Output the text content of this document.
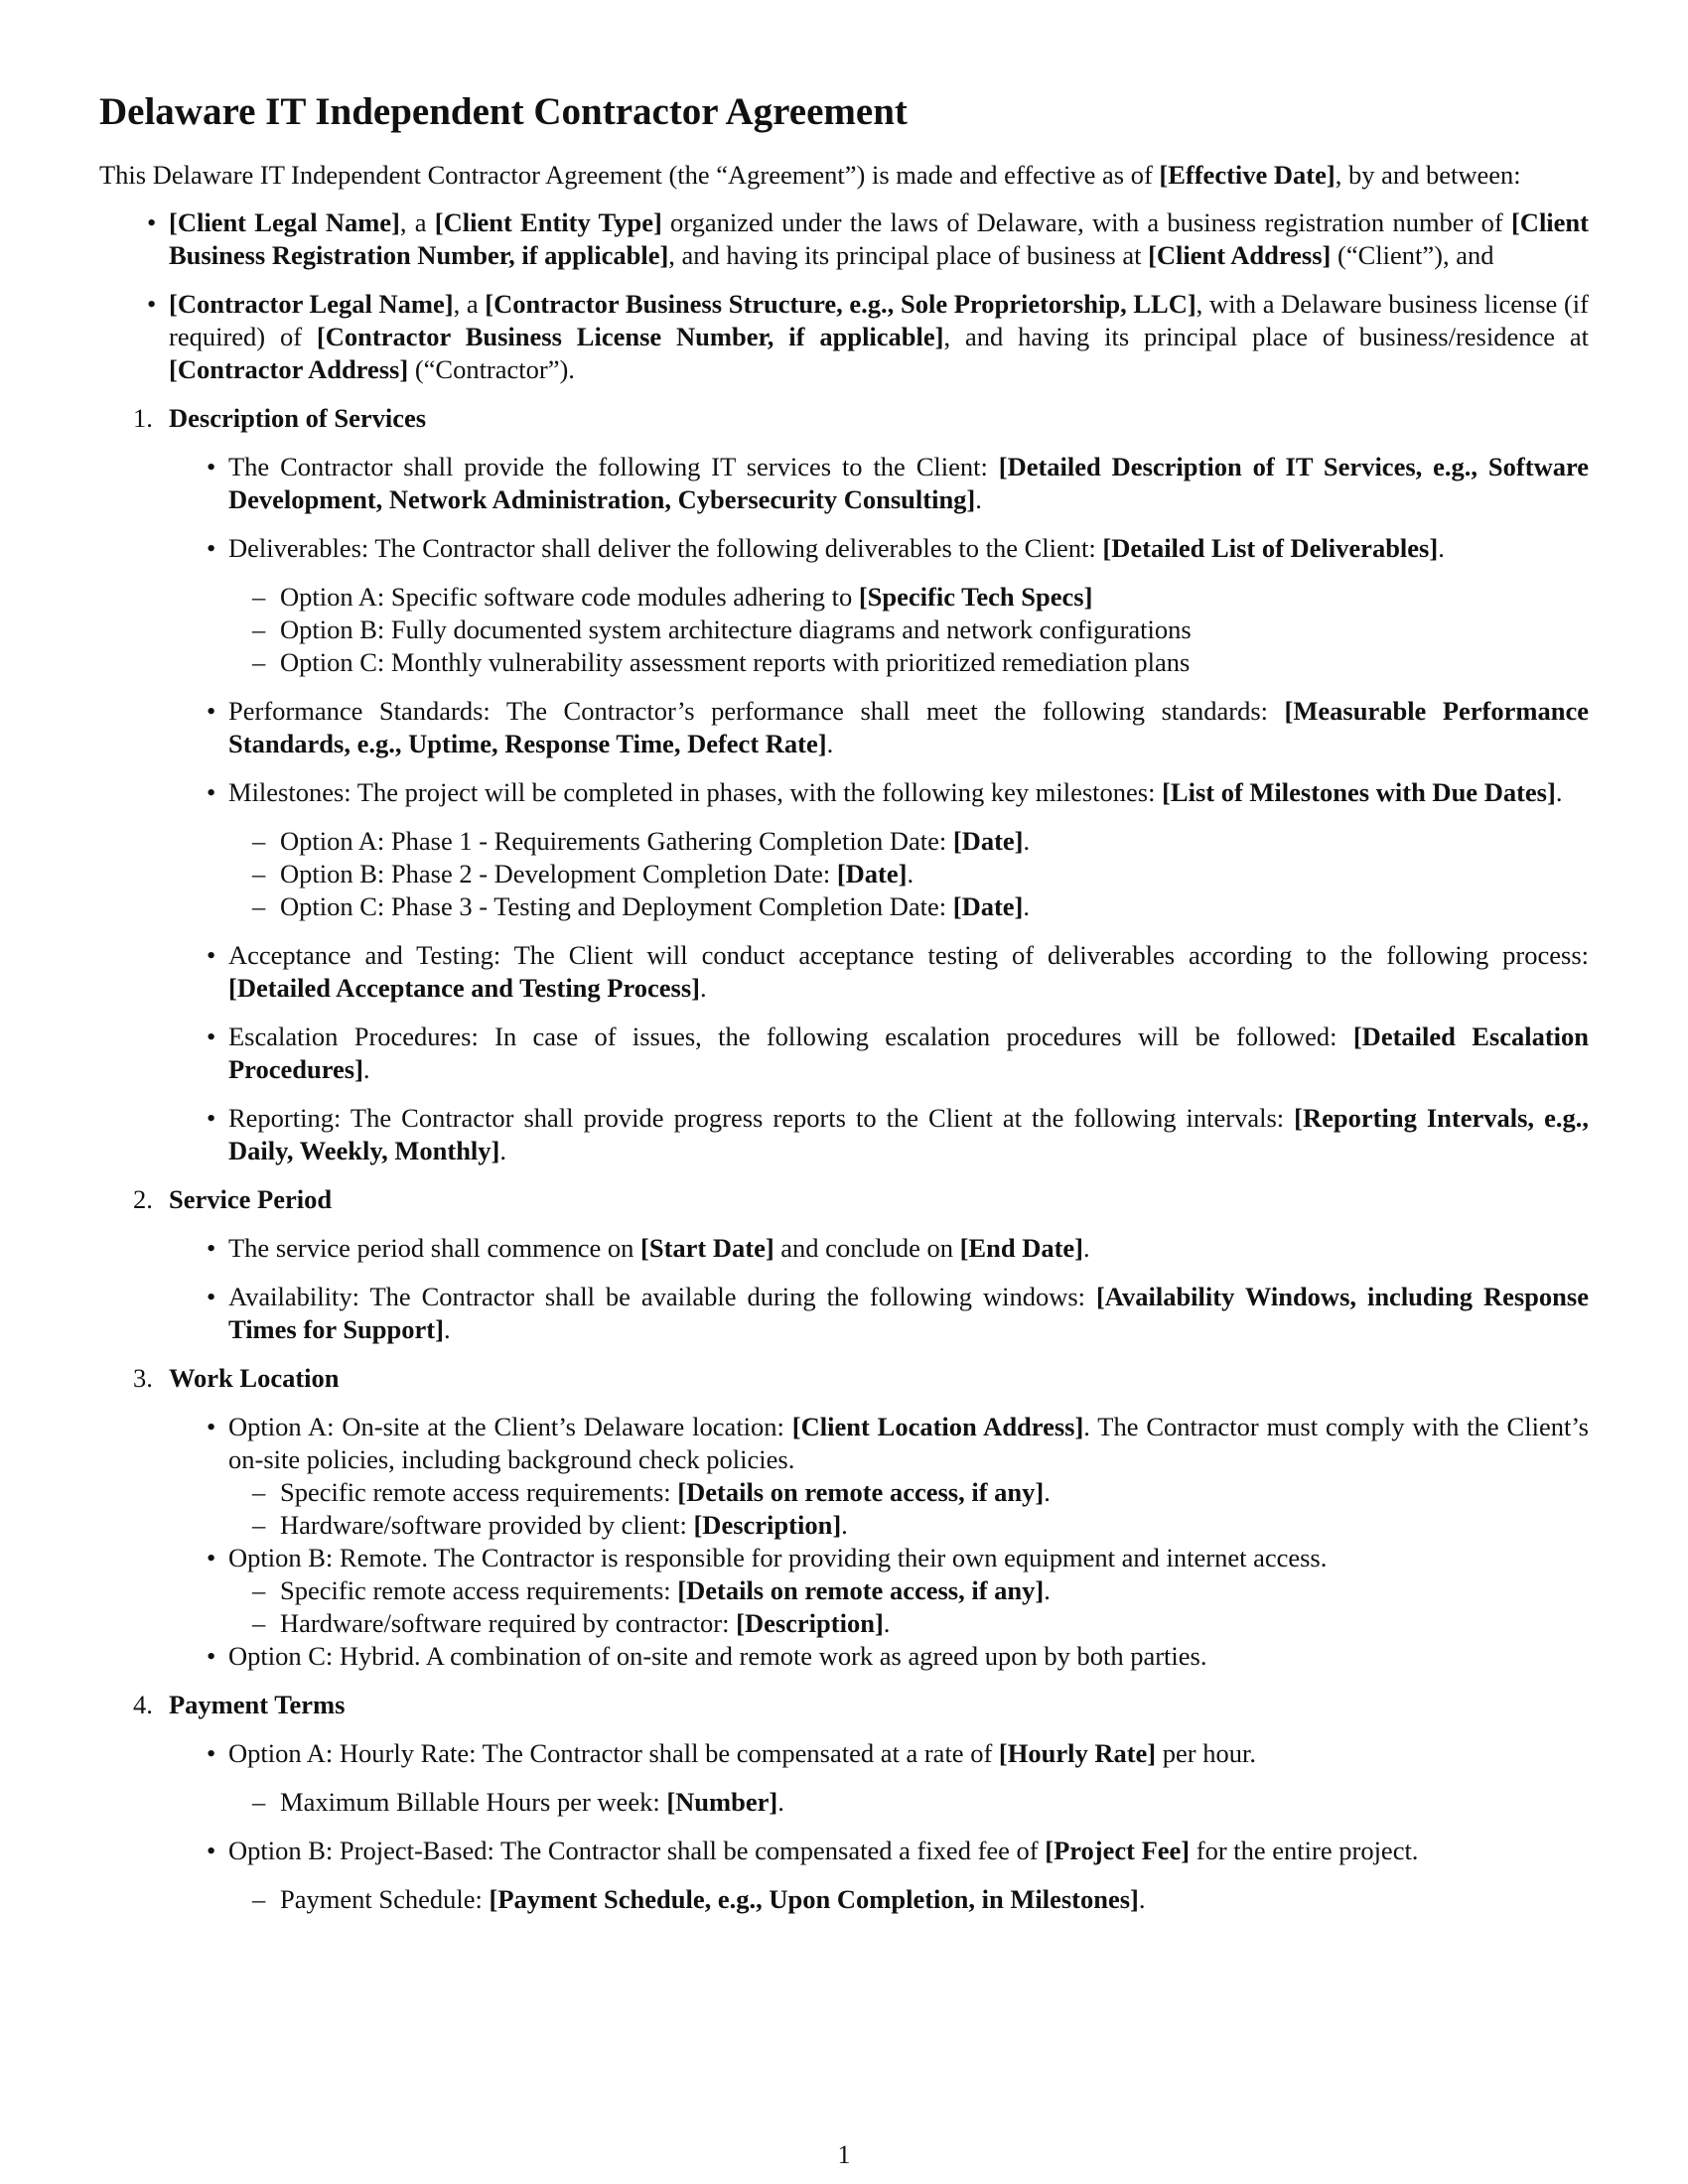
Delaware IT Independent Contractor Agreement

This Delaware IT Independent Contractor Agreement (the “Agreement”) is made and effective as of [Effective Date], by and between:

• [Client Legal Name], a [Client Entity Type] organized under the laws of Delaware, with a business registration number of [Client Business Registration Number, if applicable], and having its principal place of business at [Client Address] (“Client”), and
• [Contractor Legal Name], a [Contractor Business Structure, e.g., Sole Proprietorship, LLC], with a Delaware business license (if required) of [Contractor Business License Number, if applicable], and having its principal place of business/residence at [Contractor Address] (“Contractor”).
1. Description of Services
• The Contractor shall provide the following IT services to the Client: [Detailed Description of IT Services, e.g., Software Development, Network Administration, Cybersecurity Consulting].
• Deliverables: The Contractor shall deliver the following deliverables to the Client: [Detailed List of Deliverables].
– Option A: Specific software code modules adhering to [Specific Tech Specs]
– Option B: Fully documented system architecture diagrams and network configurations
– Option C: Monthly vulnerability assessment reports with prioritized remediation plans
• Performance Standards: The Contractor’s performance shall meet the following standards: [Measurable Performance Standards, e.g., Uptime, Response Time, Defect Rate].
• Milestones: The project will be completed in phases, with the following key milestones: [List of Milestones with Due Dates].
– Option A: Phase 1 - Requirements Gathering Completion Date: [Date].
– Option B: Phase 2 - Development Completion Date: [Date].
– Option C: Phase 3 - Testing and Deployment Completion Date: [Date].
• Acceptance and Testing: The Client will conduct acceptance testing of deliverables according to the following process: [Detailed Acceptance and Testing Process].
• Escalation Procedures: In case of issues, the following escalation procedures will be followed: [Detailed Escalation Procedures].
• Reporting: The Contractor shall provide progress reports to the Client at the following intervals: [Reporting Intervals, e.g., Daily, Weekly, Monthly].
2. Service Period
• The service period shall commence on [Start Date] and conclude on [End Date].
• Availability: The Contractor shall be available during the following windows: [Availability Windows, including Response Times for Support].
3. Work Location
• Option A: On-site at the Client’s Delaware location: [Client Location Address]. The Contractor must comply with the Client’s on-site policies, including background check policies.
– Specific remote access requirements: [Details on remote access, if any].
– Hardware/software provided by client: [Description].
• Option B: Remote. The Contractor is responsible for providing their own equipment and internet access.
– Specific remote access requirements: [Details on remote access, if any].
– Hardware/software required by contractor: [Description].
• Option C: Hybrid. A combination of on-site and remote work as agreed upon by both parties.
4. Payment Terms
• Option A: Hourly Rate: The Contractor shall be compensated at a rate of [Hourly Rate] per hour.
– Maximum Billable Hours per week: [Number].
• Option B: Project-Based: The Contractor shall be compensated a fixed fee of [Project Fee] for the entire project.
– Payment Schedule: [Payment Schedule, e.g., Upon Completion, in Milestones].
1
